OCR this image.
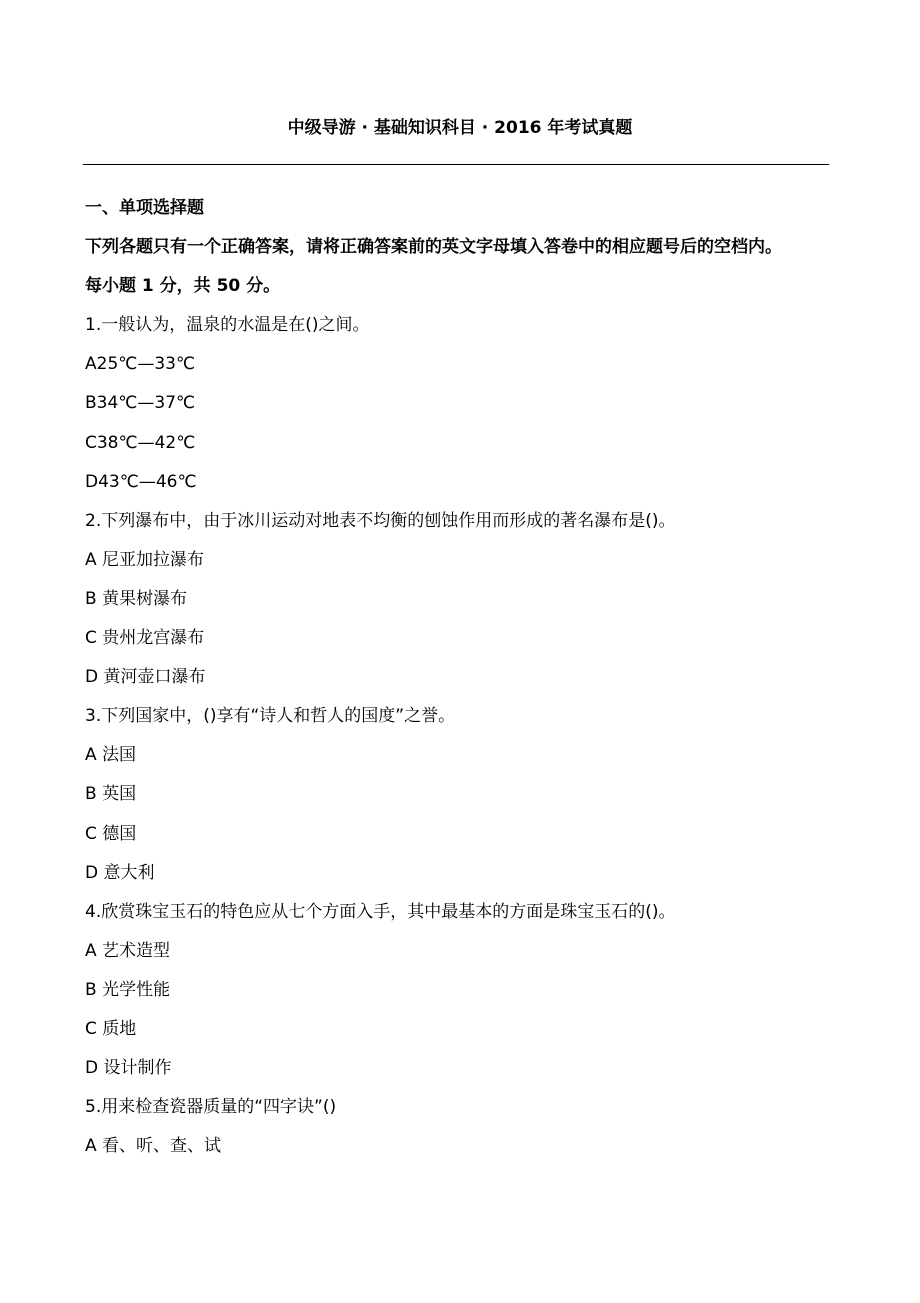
中级导游 · 基础知识科目 · 2016 年考试真题
一、单项选择题
下列各题只有一个正确答案，请将正确答案前的英文字母填入答卷中的相应题号后的空档内。
每小题 1 分，共 50 分。
1.一般认为，温泉的水温是在()之间。
A25℃—33℃
B34℃—37℃
C38℃—42℃
D43℃—46℃
2.下列瀑布中，由于冰川运动对地表不均衡的刨蚀作用而形成的著名瀑布是()。
A 尼亚加拉瀑布
B 黄果树瀑布
C 贵州龙宫瀑布
D 黄河壶口瀑布
3.下列国家中，()享有“诗人和哲人的国度”之誉。
A 法国
B 英国
C 德国
D 意大利
4.欣赏珠宝玉石的特色应从七个方面入手，其中最基本的方面是珠宝玉石的()。
A 艺术造型
B 光学性能
C 质地
D 设计制作
5.用来检查瓷器质量的“四字诀”()
A 看、听、查、试
